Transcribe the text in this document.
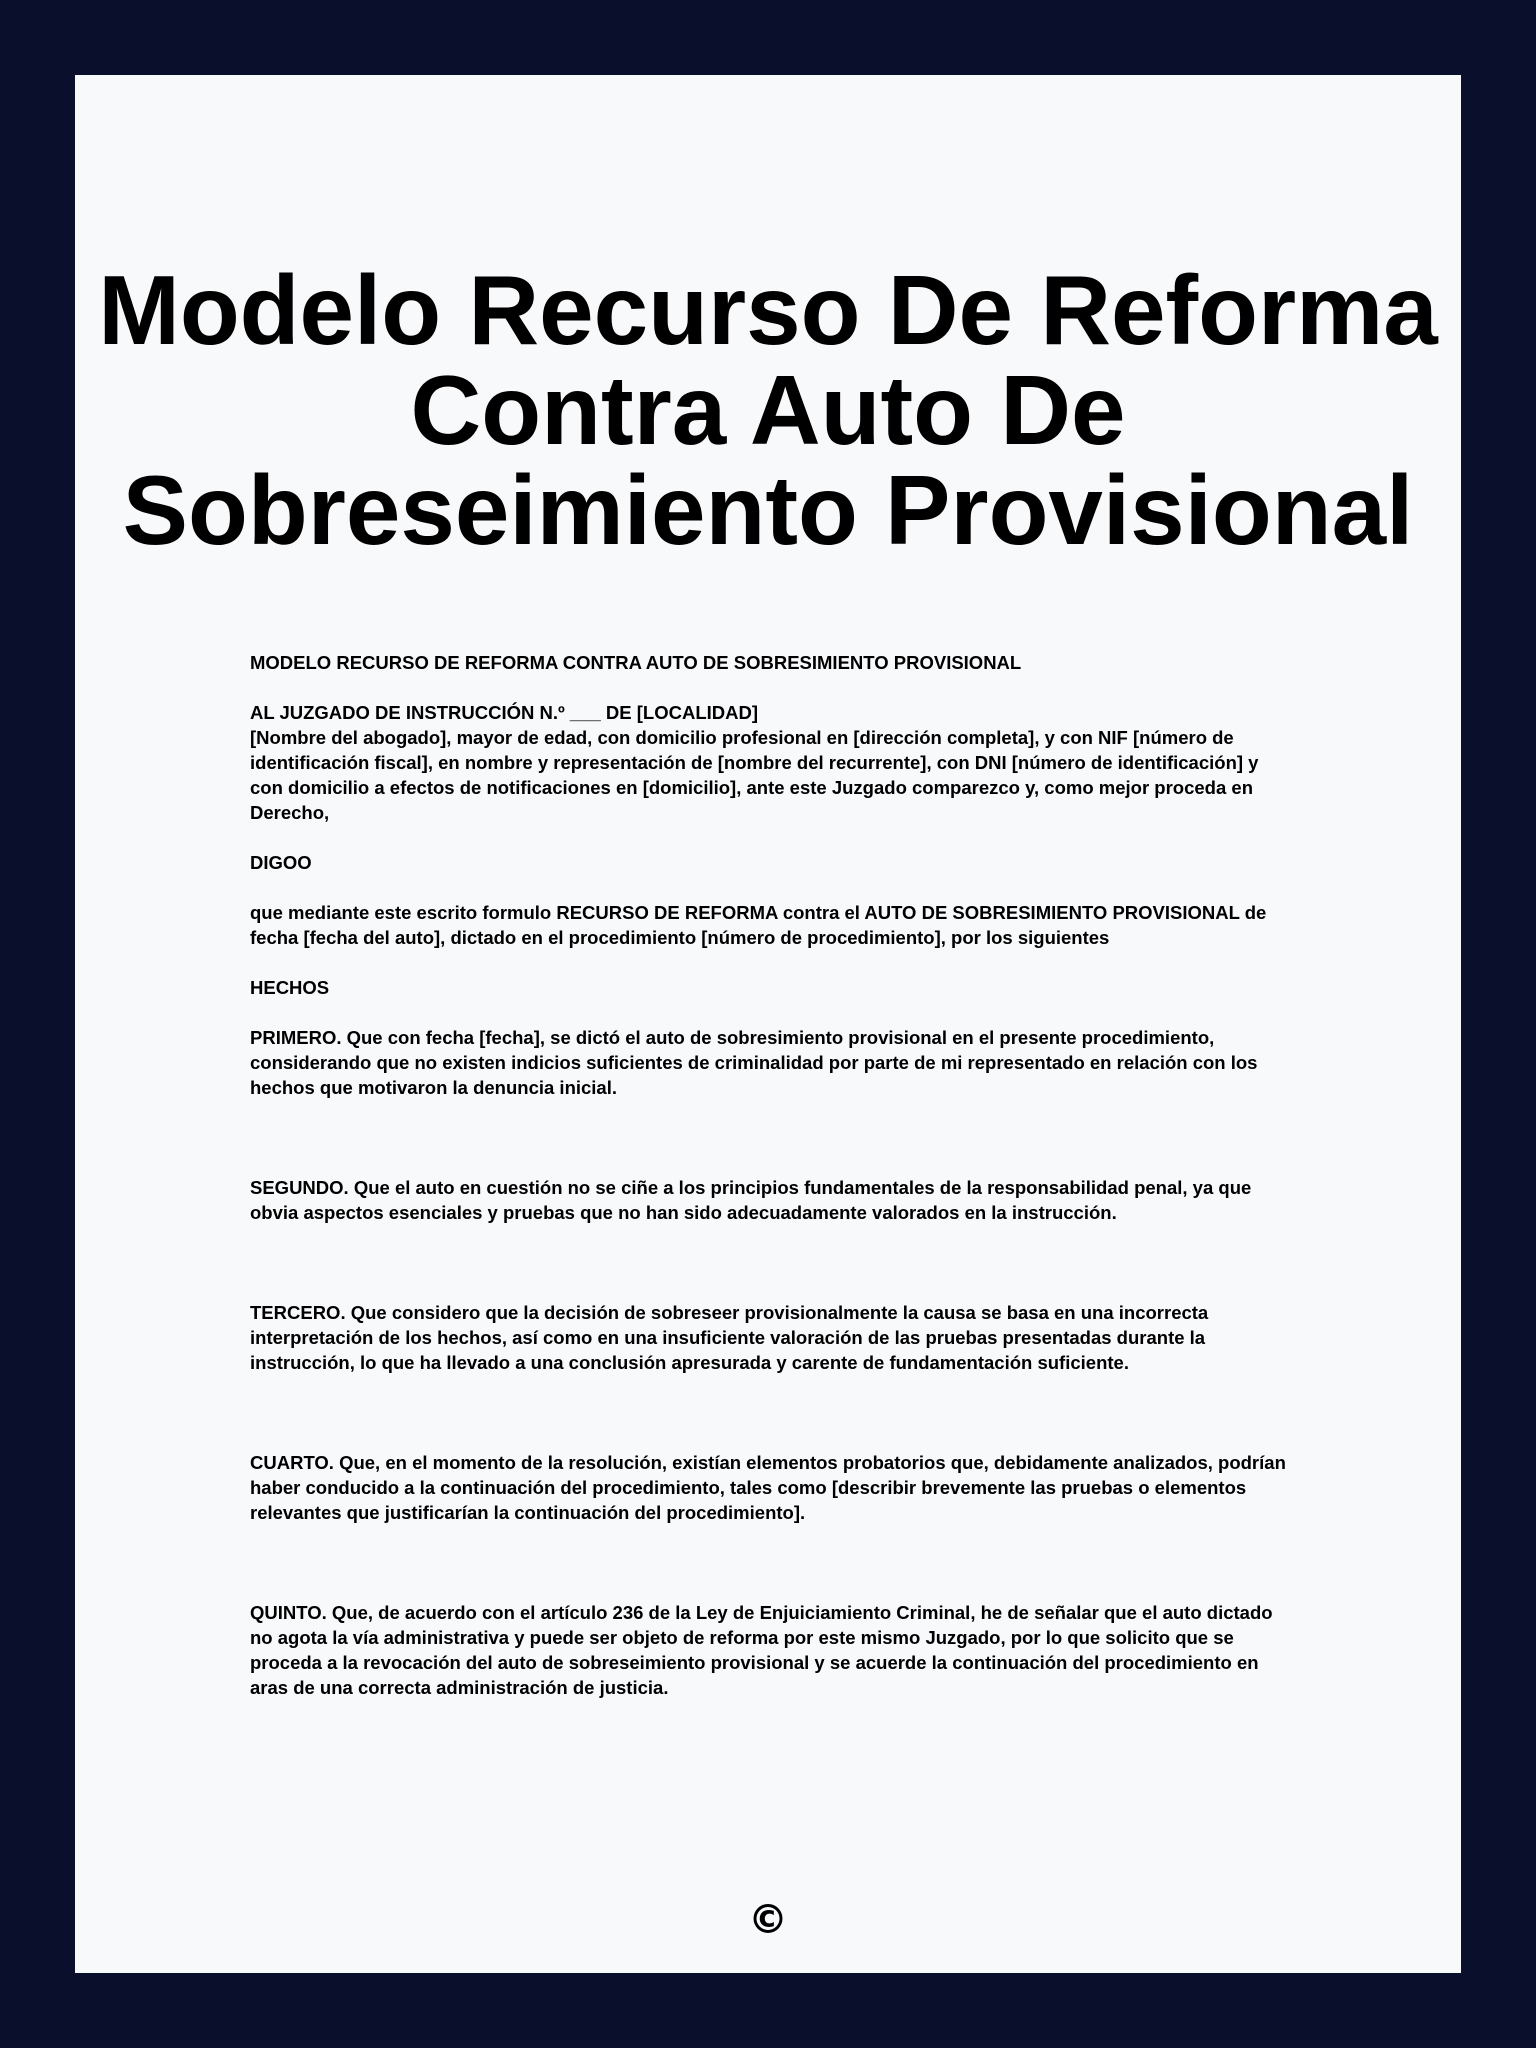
Modelo Recurso De Reforma Contra Auto De Sobreseimiento Provisional

MODELO RECURSO DE REFORMA CONTRA AUTO DE SOBRESIMIENTO PROVISIONAL

AL JUZGADO DE INSTRUCCIÓN N.º ___ DE [LOCALIDAD]

[Nombre del abogado], mayor de edad, con domicilio profesional en [dirección completa], y con NIF [número de identificación fiscal], en nombre y representación de [nombre del recurrente], con DNI [número de identificación] y con domicilio a efectos de notificaciones en [domicilio], ante este Juzgado comparezco y, como mejor proceda en Derecho,

DIGOO

que mediante este escrito formulo RECURSO DE REFORMA contra el AUTO DE SOBRESIMIENTO PROVISIONAL de fecha [fecha del auto], dictado en el procedimiento [número de procedimiento], por los siguientes

HECHOS

PRIMERO. Que con fecha [fecha], se dictó el auto de sobresimiento provisional en el presente procedimiento, considerando que no existen indicios suficientes de criminalidad por parte de mi representado en relación con los hechos que motivaron la denuncia inicial.

SEGUNDO. Que el auto en cuestión no se ciñe a los principios fundamentales de la responsabilidad penal, ya que obvia aspectos esenciales y pruebas que no han sido adecuadamente valorados en la instrucción.

TERCERO. Que considero que la decisión de sobreseer provisionalmente la causa se basa en una incorrecta interpretación de los hechos, así como en una insuficiente valoración de las pruebas presentadas durante la instrucción, lo que ha llevado a una conclusión apresurada y carente de fundamentación suficiente.

CUARTO. Que, en el momento de la resolución, existían elementos probatorios que, debidamente analizados, podrían haber conducido a la continuación del procedimiento, tales como [describir brevemente las pruebas o elementos relevantes que justificarían la continuación del procedimiento].

QUINTO. Que, de acuerdo con el artículo 236 de la Ley de Enjuiciamiento Criminal, he de señalar que el auto dictado no agota la vía administrativa y puede ser objeto de reforma por este mismo Juzgado, por lo que solicito que se proceda a la revocación del auto de sobreseimiento provisional y se acuerde la continuación del procedimiento en aras de una correcta administración de justicia.

©
